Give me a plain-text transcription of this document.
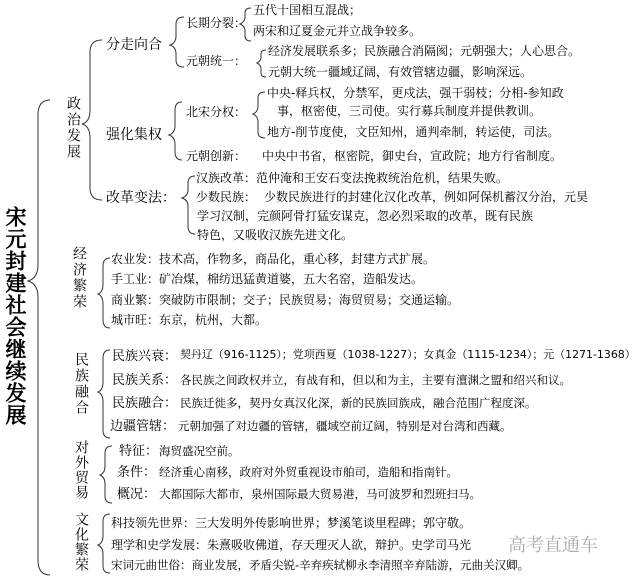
宋元封建社会继续发展
政治发展
分走向合
长期分裂：
五代十国相互混战；
两宋和辽夏金元并立战争较多。
元朝统一：
经济发展联系多；民族融合消隔阂；元朝强大；人心思合。
元朝大统一疆域辽阔，有效管辖边疆，影响深远。
强化集权
北宋分权：
中央-释兵权，分禁军，更戍法，强干弱枝；分相-参知政
事，枢密使，三司使。实行募兵制度并提供教训。
地方-削节度使，文臣知州，通判牵制，转运使，司法。
元朝创新： 中央中书省，枢密院，御史台，宣政院；地方行省制度。
改革变法：
汉族改革：范仲淹和王安石变法挽救统治危机，结果失败。
少数民族： 少数民族进行的封建化汉化改革，例如阿保机蓄汉分治，元昊
学习汉制，完颜阿骨打猛安谋克，忽必烈采取的改革，既有民族
特色，又吸收汉族先进文化。
经济繁荣 农业发：技术高，作物多，商品化，重心移，封建方式扩展。
手工业：矿冶煤，棉纺迅猛黄道婆，五大名窑，造船发达。
商业繁：突破防市限制；交子；民族贸易；海贸贸易；交通运输。
城市旺：东京，杭州，大都。
民族融合 民族兴衰： 契丹辽（916-1125）；党项西夏（1038-1227）；女真金（1115-1234）；元（1271-1368）
民族关系： 各民族之间政权并立，有战有和，但以和为主，主要有澶渊之盟和绍兴和议。
民族融合： 民族迁徙多，契丹女真汉化深，新的民族回族成，融合范围广程度深。
边疆管辖： 元朝加强了对边疆的管辖，疆域空前辽阔，特别是对台湾和西藏。
对外贸易 特征： 海贸盛况空前。
条件： 经济重心南移，政府对外贸重视设市舶司，造船和指南针。
概况： 大都国际大都市，泉州国际最大贸易港，马可波罗和烈班扫马。
文化繁荣 科技领先世界：三大发明外传影响世界；梦溪笔谈里程碑；郭守敬。
理学和史学发展：朱熹吸收佛道，存天理灭人欲，辩护。史学司马光
宋词元曲世俗：商业发展，矛盾尖锐-辛弃疾轼柳永李清照辛弃陆游，元曲关汉卿。
高考直通车
